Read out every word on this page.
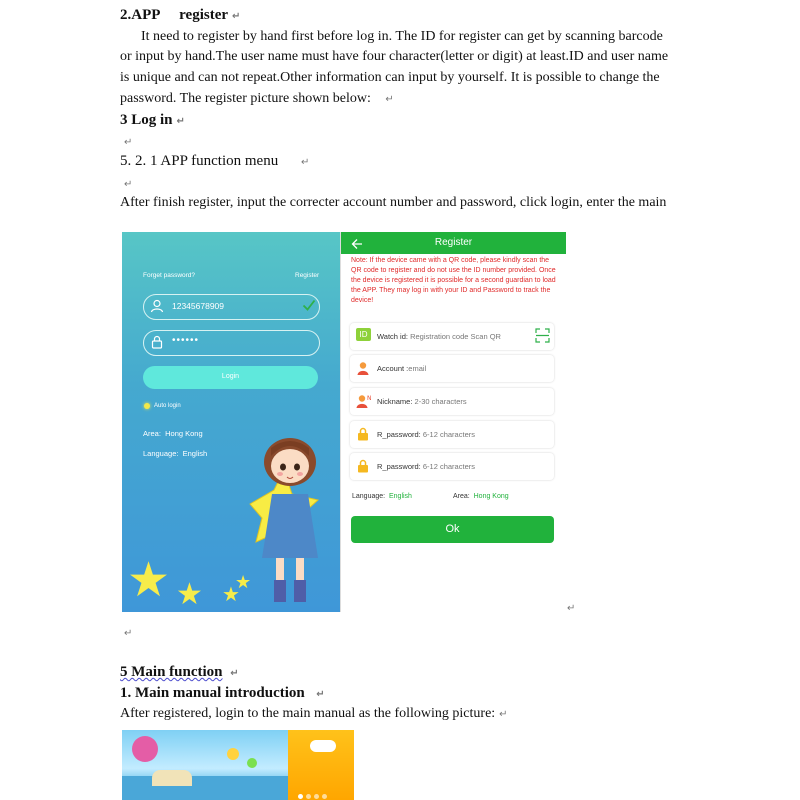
2.APP register ↵
It need to register by hand first before log in. The ID for register can get by scanning barcode
or input by hand.The user name must have four character(letter or digit) at least.ID and user name
is unique and can not repeat.Other information can input by yourself. It is possible to change the
password. The register picture shown below: ↵
3 Log in ↵
↵
5. 2. 1 APP function menu ↵
↵
After finish register, input the correcter account number and password, click login, enter the main
Forget password?	Register
12345678909
••••••
Login
Auto login
Area: Hong Kong
Language: English
★ ★ ★
★
Register
Note: If the device came with a QR code, please kindly scan the QR code to register and do not use the ID number provided. Once the device is registered it is possible for a second guardian to load the APP. They may log in with your ID and Password to track the device!
ID	Watch id: Registration code Scan QR
Account :email
N Nickname: 2-30 characters
R_password: 6-12 characters
R_password: 6-12 characters
Language: English	Area: Hong Kong
Ok
↵
↵
5 Main function ↵
1. Main manual introduction ↵
After registered, login to the main manual as the following picture: ↵
